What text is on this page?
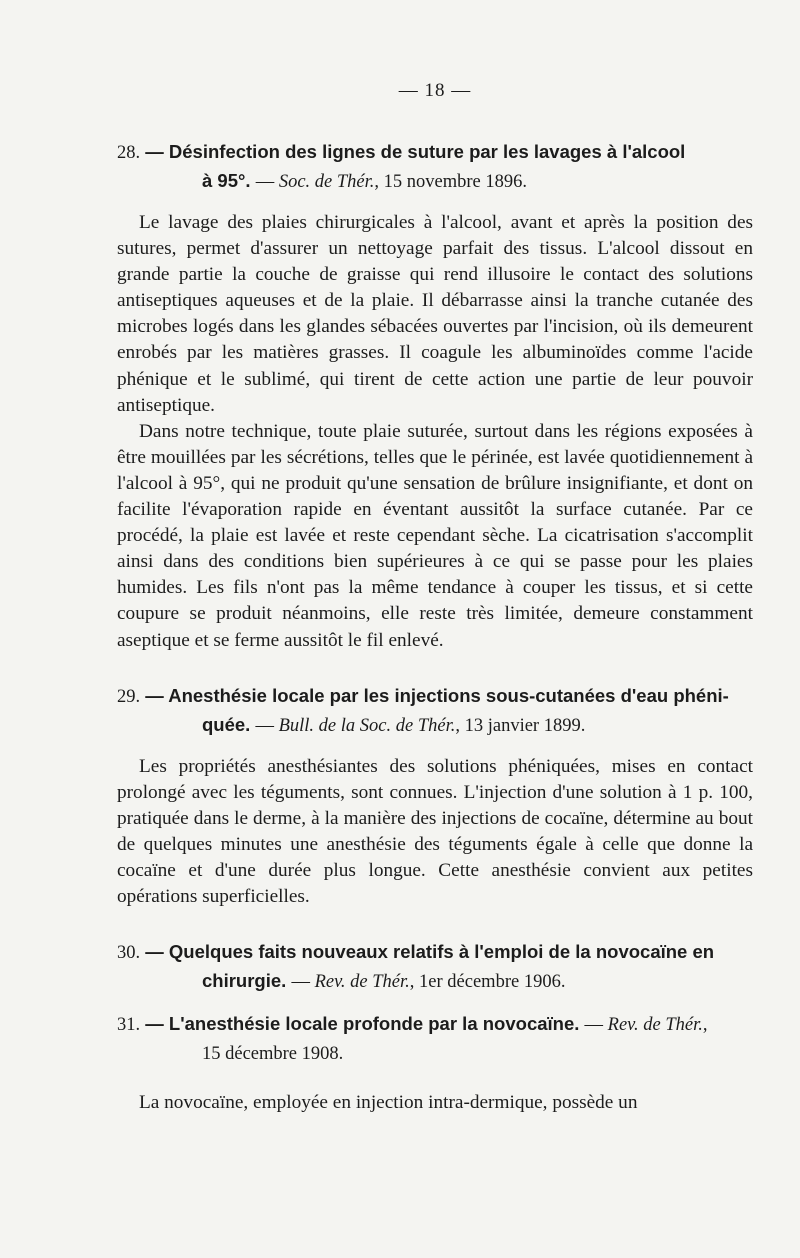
— 18 —
28. — Désinfection des lignes de suture par les lavages à l'alcool
à 95°. — Soc. de Thér., 15 novembre 1896.

Le lavage des plaies chirurgicales à l'alcool, avant et après la position des sutures, permet d'assurer un nettoyage parfait des tissus. L'alcool dissout en grande partie la couche de graisse qui rend illusoire le contact des solutions antiseptiques aqueuses et de la plaie. Il débarrasse ainsi la tranche cutanée des microbes logés dans les glandes sébacées ouvertes par l'incision, où ils demeurent enrobés par les matières grasses. Il coagule les albuminoïdes comme l'acide phénique et le sublimé, qui tirent de cette action une partie de leur pouvoir antiseptique.

Dans notre technique, toute plaie suturée, surtout dans les régions exposées à être mouillées par les sécrétions, telles que le périnée, est lavée quotidiennement à l'alcool à 95°, qui ne produit qu'une sensation de brûlure insignifiante, et dont on facilite l'évaporation rapide en éventant aussitôt la surface cutanée. Par ce procédé, la plaie est lavée et reste cependant sèche. La cicatrisation s'accomplit ainsi dans des conditions bien supérieures à ce qui se passe pour les plaies humides. Les fils n'ont pas la même tendance à couper les tissus, et si cette coupure se produit néanmoins, elle reste très limitée, demeure constamment aseptique et se ferme aussitôt le fil enlevé.

29. — Anesthésie locale par les injections sous-cutanées d'eau phéni-
quée. — Bull. de la Soc. de Thér., 13 janvier 1899.

Les propriétés anesthésiantes des solutions phéniquées, mises en contact prolongé avec les téguments, sont connues. L'injection d'une solution à 1 p. 100, pratiquée dans le derme, à la manière des injections de cocaïne, détermine au bout de quelques minutes une anesthésie des téguments égale à celle que donne la cocaïne et d'une durée plus longue. Cette anesthésie convient aux petites opérations superficielles.

30. — Quelques faits nouveaux relatifs à l'emploi de la novocaïne en
chirurgie. — Rev. de Thér., 1er décembre 1906.
31. — L'anesthésie locale profonde par la novocaïne. — Rev. de Thér.,
15 décembre 1908.

La novocaïne, employée en injection intra-dermique, possède un
